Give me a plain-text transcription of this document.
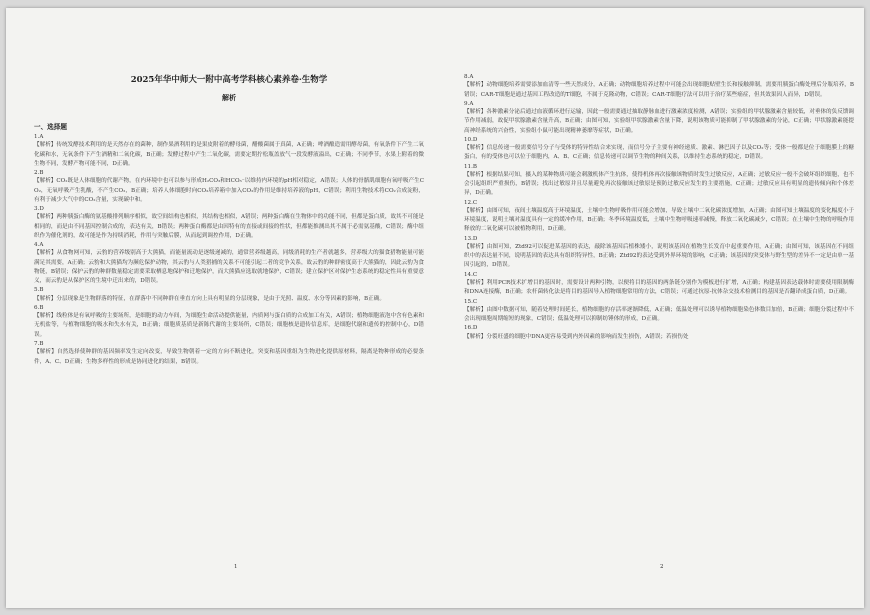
2025年华中师大一附中高考学科核心素养卷·生物学
解析
一、选择题

1.A

【解析】传统发酵技术利用的是天然存在的菌种，制作果酒利用的是果皮附着的酵母菌，醋酸菌属于真菌，A正确；啤酒酿造需用酵母菌，有氧条件下产生二氧化碳和水，无氧条件下产生酒精和二氧化碳，B正确；发酵过程中产生二氧化碳，需要定期拧松瓶盖放气一段发酵液溢出，C正确；不同季节，水果上附着的微生物不同，发酵产物可能不同，D正确。

2.B

【解析】CO₂既是人体细胞的代谢产物，在内环境中也可以参与形成H₂CO₃和HCO₃⁻以维持内环境的pH相对稳定，A错误；人体的骨骼肌细胞有氧呼吸产生CO₂，无氧呼吸产生乳酸，不产生CO₂，B正确；培养人体细胞时向CO₂培养箱中加入CO₂的作用是维持培养液的pH，C错误；利用生物技术将CO₂合成淀粉，有利于减少大气中的CO₂含量，实现碳中和。

3.D

【解析】两种胰蛋白酶的氨基酸排列顺序相似，故空间结构也相似，其结构也相似，A错误；两种蛋白酶在生物体中的功能不同，但都是蛋白质，故其不可能是相同的，而是由不同基因控制合成的，表达有关，B错误；两种蛋白酶都是由因特有的直接或间接的性状，但都能推测出其不属于必需氨基酸，C错误；酶中组织作为催化剂的，故可能是作为持续消耗，作用与突触后膜，从而起到调控作用，D正确。

4.A

【解析】从食物网可知，云豹的营养级别高于大熊猫，而能量流动是逐级递减的，通常营养级越高，同级消耗的生产者就越多，营养级大的猫食猎物能量可能满足其需要，A正确；云豹和大熊猫均为濒危保护动物，其云豹与人类猎捕的关系不可能引起二者的竞争关系，故云豹的种群密度高于大熊猫的，因此云豹为食物链，B错误；保护云豹的种群数量稳定需要采取栖息地保护和迁地保护，而大熊猫应选取就地保护，C错误；建立保护区对保护生态系统的稳定性具有重要意义，而云豹是从保护区的生境中迁出来的，D错误。

5.B

【解析】分层现象是生物群落的特征，在群落中不同种群在垂直方向上具有明显的分层现象，是由于光照、温度、水分等因素的影响，B正确。

6.B

【解析】线粒体是有氧呼吸的主要场所，是细胞的动力车间，为细胞生命活动提供能量，内质网与蛋白质的合成加工有关，A错误；植物细胞液泡中含有色素和无机盐等，与植物细胞的吸水和失水有关，B正确；细胞质基质是新陈代谢的主要场所，C错误；细胞核是遗传信息库，是细胞代谢和遗传的控制中心，D错误。

7.B

【解析】自然选择使种群的基因频率发生定向改变，导致生物朝着一定的方向不断进化，突变和基因重组为生物进化提供原材料，隔离是物种形成的必要条件，A、C、D正确；生物多样性的形成是协同进化的结果，B错误。

1

8.A

【解析】动物细胞培养需要添加血清等一些天然成分，A正确；动物细胞培养过程中可能会出现细胞贴壁生长和接触抑制，需要用胰蛋白酶处理后分瓶培养，B错误；CAR-T细胞是通过基因工程改造的T细胞，不属于克隆动物，C错误；CAR-T细胞疗法可以用于治疗某些癌症，但其效果因人而异，D错误。

9.A

【解析】各种激素分泌后通过血液循环进行运输，因此一般需要通过抽取静脉血进行激素浓度检测，A错误；实验组的甲状腺激素含量较低，对垂体的负反馈调节作用减弱，故促甲状腺激素含量升高，B正确；由图可知，实验组甲状腺激素含量下降，说明该物质可能抑制了甲状腺激素的分泌，C正确；甲状腺激素能提高神经系统的兴奋性，实验组小鼠可能出现精神萎靡等症状，D正确。

10.D

【解析】信息传递一般需要信号分子与受体的特异性结合来实现，而信号分子主要有神经递质、激素、淋巴因子以及CO₂等；受体一般都是位于细胞膜上的糖蛋白，有的受体也可以位于细胞内，A、B、C正确；信息传递可以调节生物的种间关系，以维持生态系统的稳定，D错误。

11.B

【解析】根据结果可知，摄入的某种物质可能会刺激机体产生抗体，使得机体再次接触该物质时发生过敏反应，A正确；过敏反应一般不会破坏组织细胞，也不会引起组织严重损伤，B错误；找出过敏原并且尽量避免再次接触该过敏原是预防过敏反应发生的主要措施，C正确；过敏反应具有明显的遗传倾向和个体差异，D正确。

12.C

【解析】由图可知，夜间土壤温度高于环境温度，土壤中生物呼吸作用可能会增加，导致土壤中二氧化碳浓度增加，A正确；由图可知土壤温度的变化幅度小于环境温度，说明土壤对温度具有一定的缓冲作用，B正确；冬季环境温度低，土壤中生物呼吸速率减慢，释放二氧化碳减少，C错误；在土壤中生物的呼吸作用释放的二氧化碳可以被植物利用，D正确。

13.D

【解析】由图可知，Ztd92可以促进某基因的表达，敲除该基因后植株矮小，说明该基因在植物生长发育中起重要作用，A正确；由图可知，该基因在不同组织中的表达量不同，说明基因的表达具有组织特异性，B正确；Ztd92的表达受到外界环境的影响，C正确；该基因的突变体与野生型的差异不一定是由单一基因引起的，D错误。

14.C

【解析】利用PCR技术扩增目的基因时，需要设计两种引物，以便将目的基因的两条链分别作为模板进行扩增，A正确；构建基因表达载体时需要使用限制酶和DNA连接酶，B正确；农杆菌转化法是将目的基因导入植物细胞常用的方法，C错误；可通过抗原-抗体杂交技术检测目的基因是否翻译成蛋白质，D正确。

15.C

【解析】由图中数据可知，随着处理时间延长，植物细胞的存活率逐渐降低，A正确；低温处理可以诱导植物细胞染色体数目加倍，B正确；细胞分裂过程中不会出现细胞周期缩短的现象，C错误；低温处理可以抑制纺锤体的形成，D正确。

16.D

【解析】分裂旺盛的细胞中DNA更容易受到内外因素的影响而发生损伤，A错误；若损伤处

2
